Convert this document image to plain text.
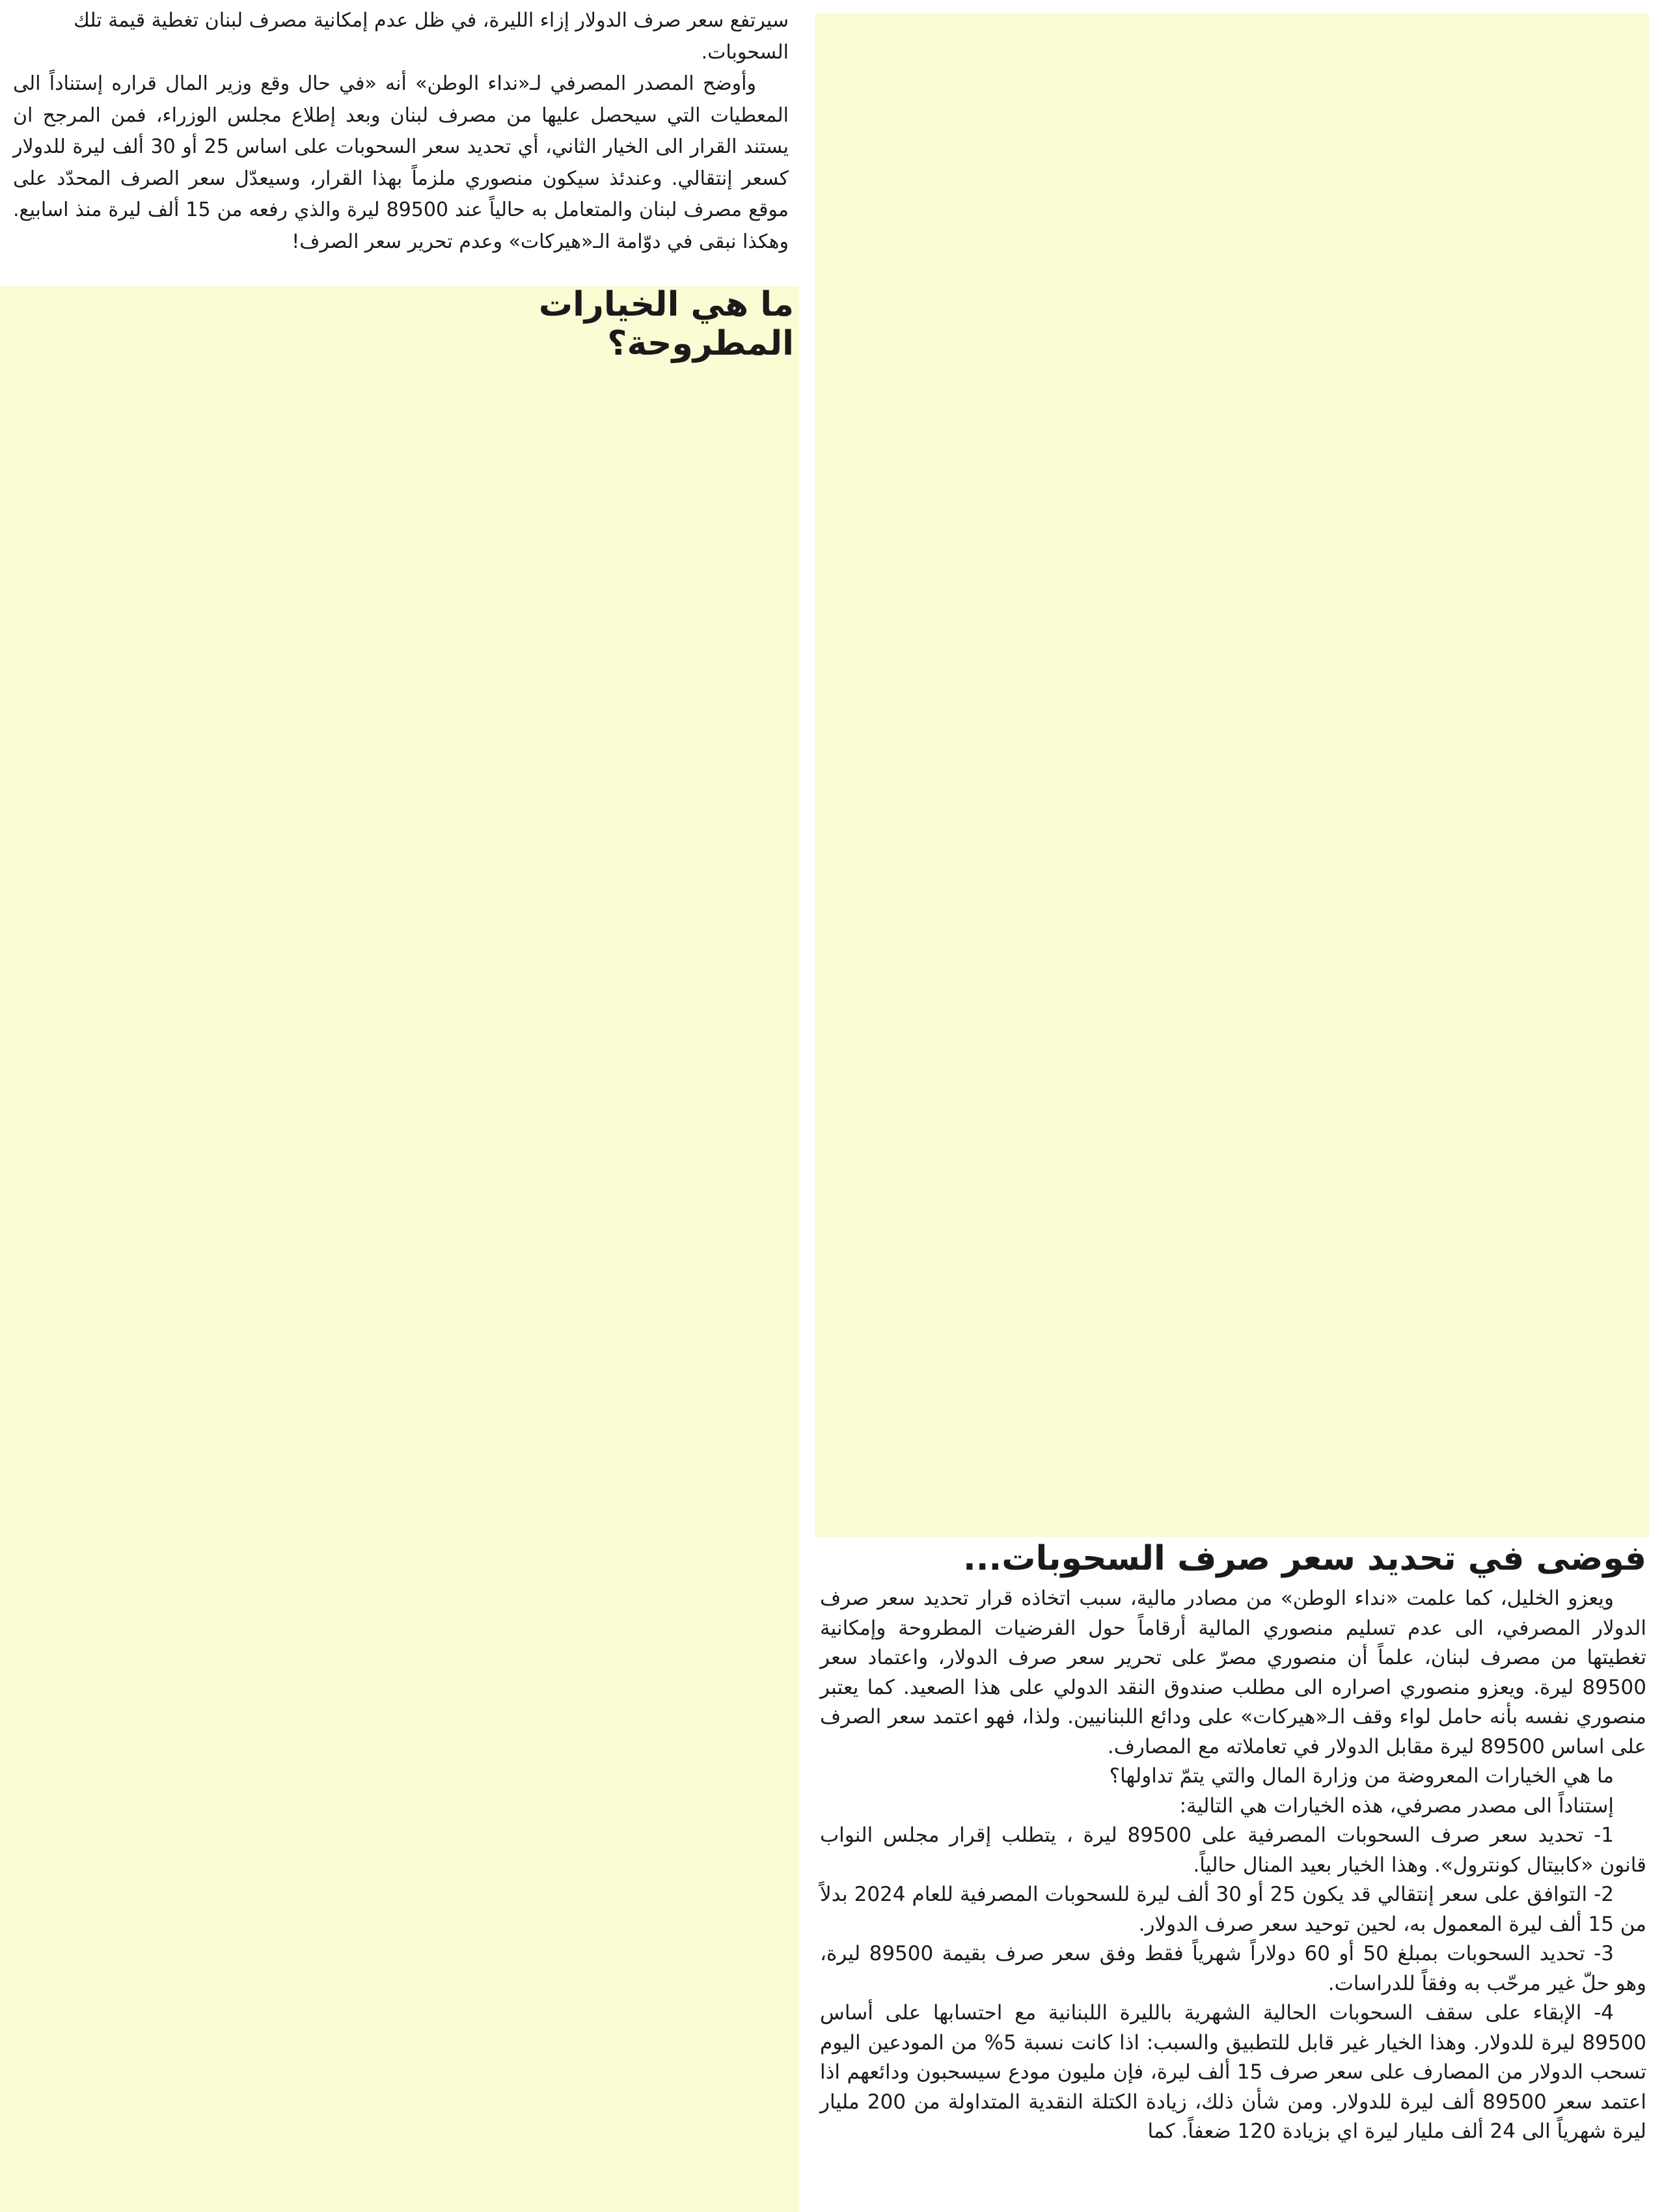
سيرتفع سعر صرف الدولار إزاء الليرة، في ظل عدم إمكانية مصرف لبنان تغطية قيمة تلك السحوبات.

وأوضح المصدر المصرفي لـ«نداء الوطن» أنه «في حال وقع وزير المال قراره إستناداً الى المعطيات التي سيحصل عليها من مصرف لبنان وبعد إطلاع مجلس الوزراء، فمن المرجح ان يستند القرار الى الخيار الثاني، أي تحديد سعر السحوبات على اساس 25 أو 30 ألف ليرة للدولار كسعر إنتقالي. وعندئذ سيكون منصوري ملزماً بهذا القرار، وسيعدّل سعر الصرف المحدّد على موقع مصرف لبنان والمتعامل به حالياً عند 89500 ليرة والذي رفعه من 15 ألف ليرة منذ اسابيع. وهكذا نبقى في دوّامة الـ«هيركات» وعدم تحرير سعر الصرف!

ما هي الخيارات المطروحة؟
فوضى في تحديد سعر صرف السحوبات...

ويعزو الخليل، كما علمت «نداء الوطن» من مصادر مالية، سبب اتخاذه قرار تحديد سعر صرف الدولار المصرفي، الى عدم تسليم منصوري المالية أرقاماً حول الفرضيات المطروحة وإمكانية تغطيتها من مصرف لبنان، علماً أن منصوري مصرّ على تحرير سعر صرف الدولار، واعتماد سعر 89500 ليرة. ويعزو منصوري اصراره الى مطلب صندوق النقد الدولي على هذا الصعيد. كما يعتبر منصوري نفسه بأنه حامل لواء وقف الـ«هيركات» على ودائع اللبنانيين. ولذا، فهو اعتمد سعر الصرف على اساس 89500 ليرة مقابل الدولار في تعاملاته مع المصارف.

ما هي الخيارات المعروضة من وزارة المال والتي يتمّ تداولها؟

إستناداً الى مصدر مصرفي، هذه الخيارات هي التالية:

1- تحديد سعر صرف السحوبات المصرفية على 89500 ليرة ، يتطلب إقرار مجلس النواب قانون «كابيتال كونترول». وهذا الخيار بعيد المنال حالياً.

2- التوافق على سعر إنتقالي قد يكون 25 أو 30 ألف ليرة للسحوبات المصرفية للعام 2024 بدلاً من 15 ألف ليرة المعمول به، لحين توحيد سعر صرف الدولار.

3- تحديد السحوبات بمبلغ 50 أو 60 دولاراً شهرياً فقط وفق سعر صرف بقيمة 89500 ليرة، وهو حلّ غير مرحّب به وفقاً للدراسات.

4- الإبقاء على سقف السحوبات الحالية الشهرية بالليرة اللبنانية مع احتسابها على أساس 89500 ليرة للدولار. وهذا الخيار غير قابل للتطبيق والسبب: اذا كانت نسبة 5% من المودعين اليوم تسحب الدولار من المصارف على سعر صرف 15 ألف ليرة، فإن مليون مودع سيسحبون ودائعهم اذا اعتمد سعر 89500 ألف ليرة للدولار. ومن شأن ذلك، زيادة الكتلة النقدية المتداولة من 200 مليار ليرة شهرياً الى 24 ألف مليار ليرة اي بزيادة 120 ضعفاً. كما
